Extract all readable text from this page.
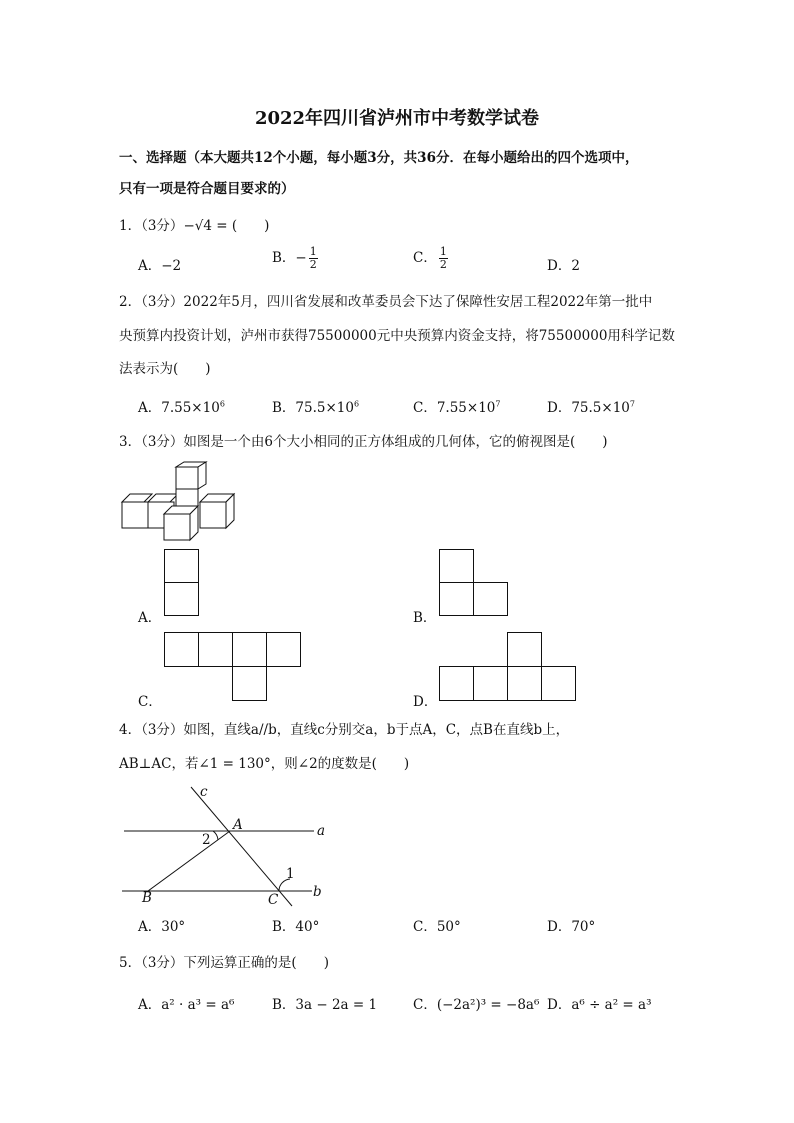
2022年四川省泸州市中考数学试卷
一、选择题（本大题共12个小题，每小题3分，共36分．在每小题给出的四个选项中，
只有一项是符合题目要求的）
1．（3分）−√4 = (　　)
A．−2	B．− $\frac{1}{2}$	C． $\frac{1}{2}$	D．2
2．（3分）2022年5月，四川省发展和改革委员会下达了保障性安居工程2022年第一批中
央预算内投资计划，泸州市获得75500000元中央预算内资金支持，将75500000用科学记数
法表示为(　　)
A．$7.55\times 10^6$	B．$75.5\times 10^6$	C．$7.55\times 10^7$	D．$75.5\times 10^7$
3．（3分）如图是一个由6个大小相同的正方体组成的几何体，它的俯视图是(　　)
A．	B．
C．	D．
4．（3分）如图，直线a//b，直线c分别交a，b于点A，C，点B在直线b上，
AB⊥AC，若∠1 = 130°，则∠2的度数是(　　)
c
A	a
2
1
B	C	b
A．30°	B．40°	C．50°	D．70°
5．（3分）下列运算正确的是(　　)
A．a² · a³ = a⁶	B．3a − 2a = 1	C．(−2a²)³ = −8a⁶ D．a⁶ ÷ a² = a³
